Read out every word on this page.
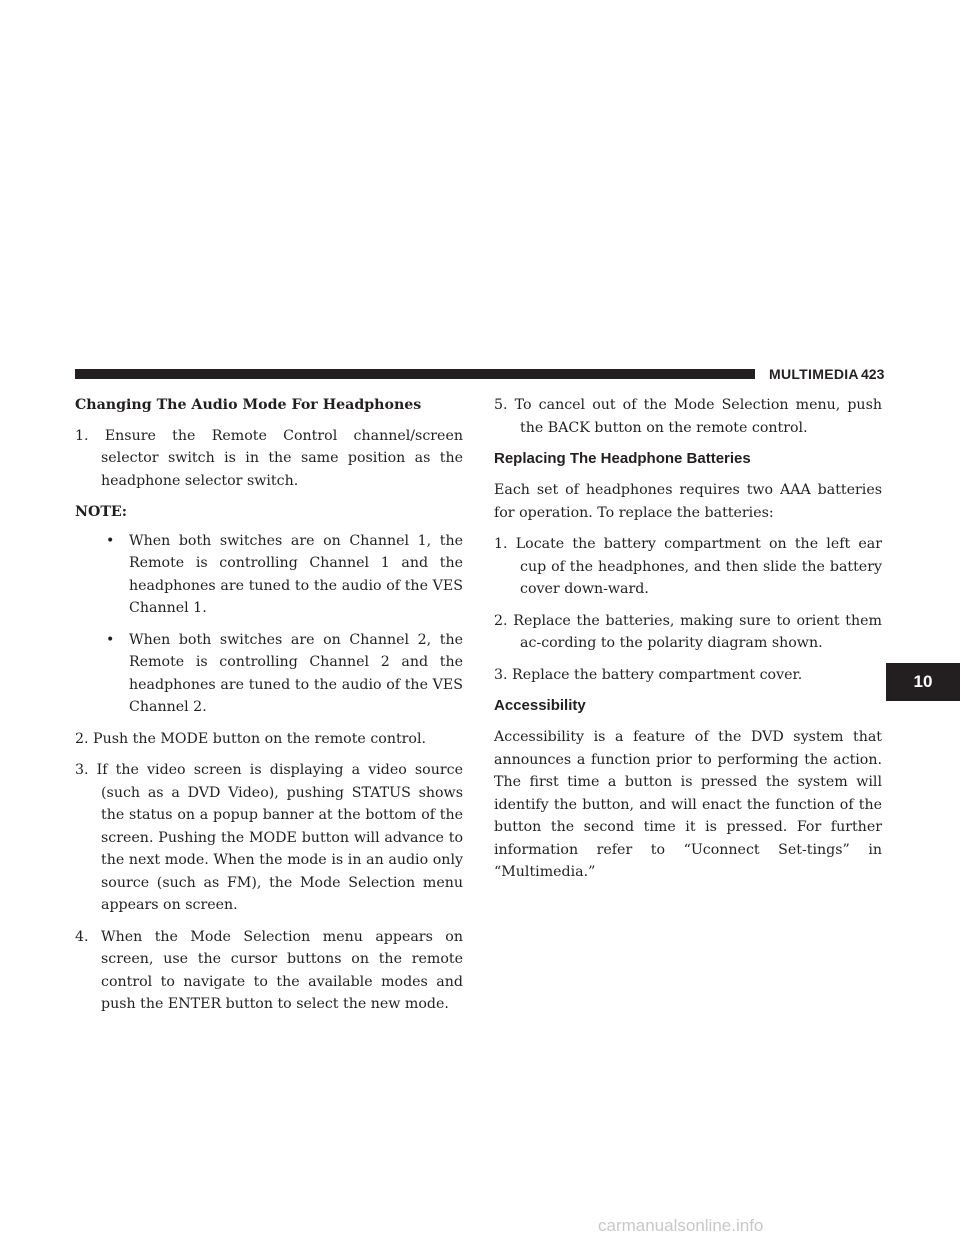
MULTIMEDIA 423

Changing The Audio Mode For Headphones

1. Ensure the Remote Control channel/screen selector switch is in the same position as the headphone selector switch.

NOTE:

• When both switches are on Channel 1, the Remote is controlling Channel 1 and the headphones are tuned to the audio of the VES Channel 1.
• When both switches are on Channel 2, the Remote is controlling Channel 2 and the headphones are tuned to the audio of the VES Channel 2.

2. Push the MODE button on the remote control.

3. If the video screen is displaying a video source (such as a DVD Video), pushing STATUS shows the status on a popup banner at the bottom of the screen. Pushing the MODE button will advance to the next mode. When the mode is in an audio only source (such as FM), the Mode Selection menu appears on screen.

4. When the Mode Selection menu appears on screen, use the cursor buttons on the remote control to navigate to the available modes and push the ENTER button to select the new mode.

5. To cancel out of the Mode Selection menu, push the BACK button on the remote control.

Replacing The Headphone Batteries

Each set of headphones requires two AAA batteries for operation. To replace the batteries:

1. Locate the battery compartment on the left ear cup of the headphones, and then slide the battery cover down-ward.

2. Replace the batteries, making sure to orient them ac-cording to the polarity diagram shown.

3. Replace the battery compartment cover.

Accessibility

Accessibility is a feature of the DVD system that announces a function prior to performing the action. The first time a button is pressed the system will identify the button, and will enact the function of the button the second time it is pressed. For further information refer to “Uconnect Set-tings” in “Multimedia.”

10
carmanualsonline.info
